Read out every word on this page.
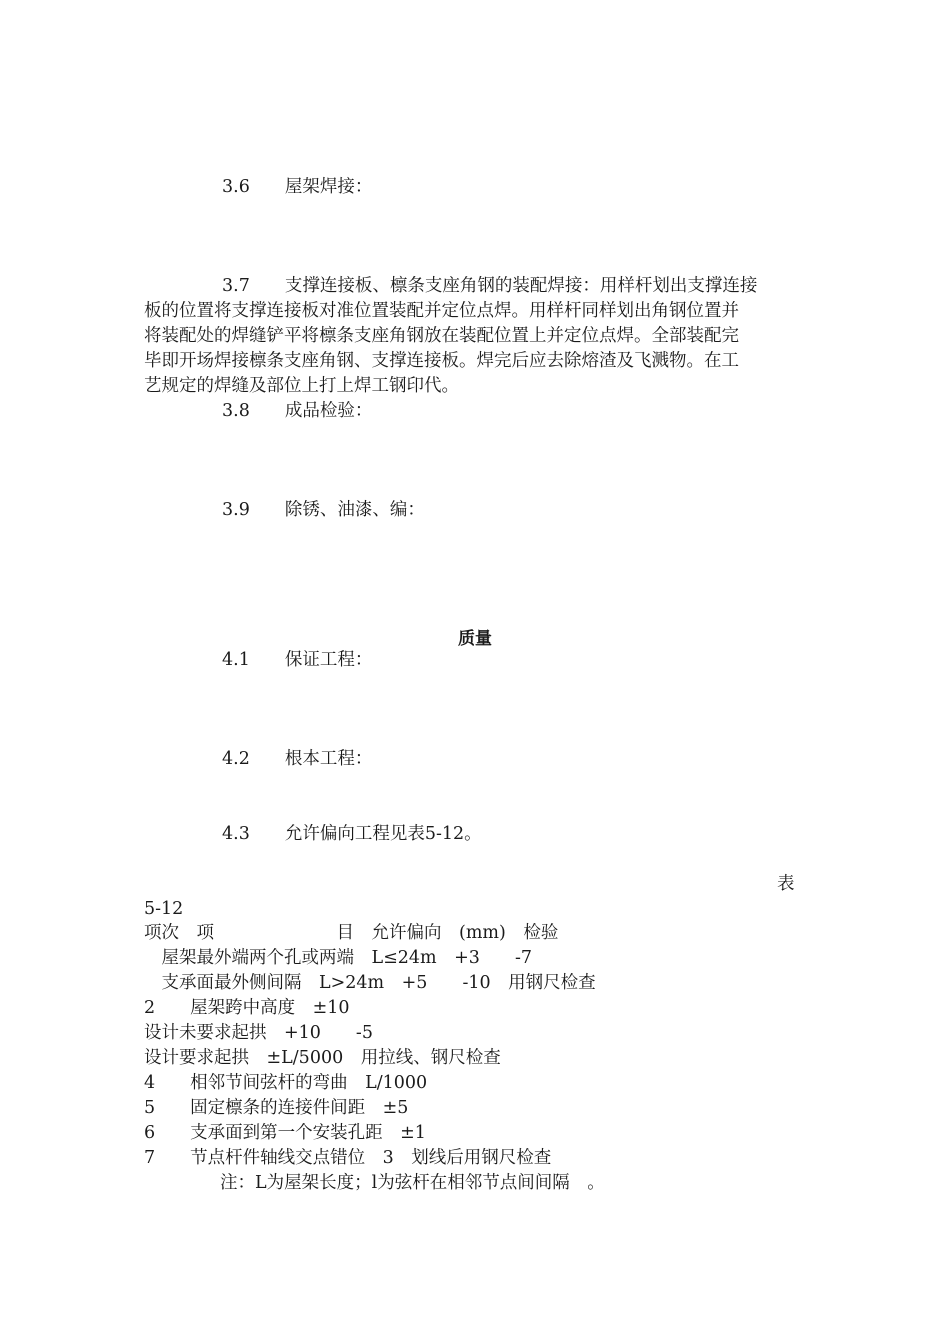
3.6　　屋架焊接：
3.7　　支撑连接板、檩条支座角钢的装配焊接：用样杆划出支撑连接
板的位置将支撑连接板对准位置装配并定位点焊。用样杆同样划出角钢位置并
将装配处的焊缝铲平将檩条支座角钢放在装配位置上并定位点焊。全部装配完
毕即开场焊接檩条支座角钢、支撑连接板。焊完后应去除熔渣及飞溅物。在工
艺规定的焊缝及部位上打上焊工钢印代。
3.8　　成品检验：
3.9　　除锈、油漆、编：
质量
4.1　　保证工程：
4.2　　根本工程：
4.3　　允许偏向工程见表5-12。
表
5-12
项次　项　　　　　　　目　允许偏向　(mm)　检验
　屋架最外端两个孔或两端　L≤24m　+3　　-7
　支承面最外侧间隔　L>24m　+5　　-10　用钢尺检查
2　　屋架跨中高度　±10
设计未要求起拱　+10　　-5
设计要求起拱　±L/5000　用拉线、钢尺检查
4　　相邻节间弦杆的弯曲　L/1000
5　　固定檩条的连接件间距　±5
6　　支承面到第一个安装孔距　±1
7　　节点杆件轴线交点错位　3　划线后用钢尺检查
注：L为屋架长度；l为弦杆在相邻节点间间隔　。
